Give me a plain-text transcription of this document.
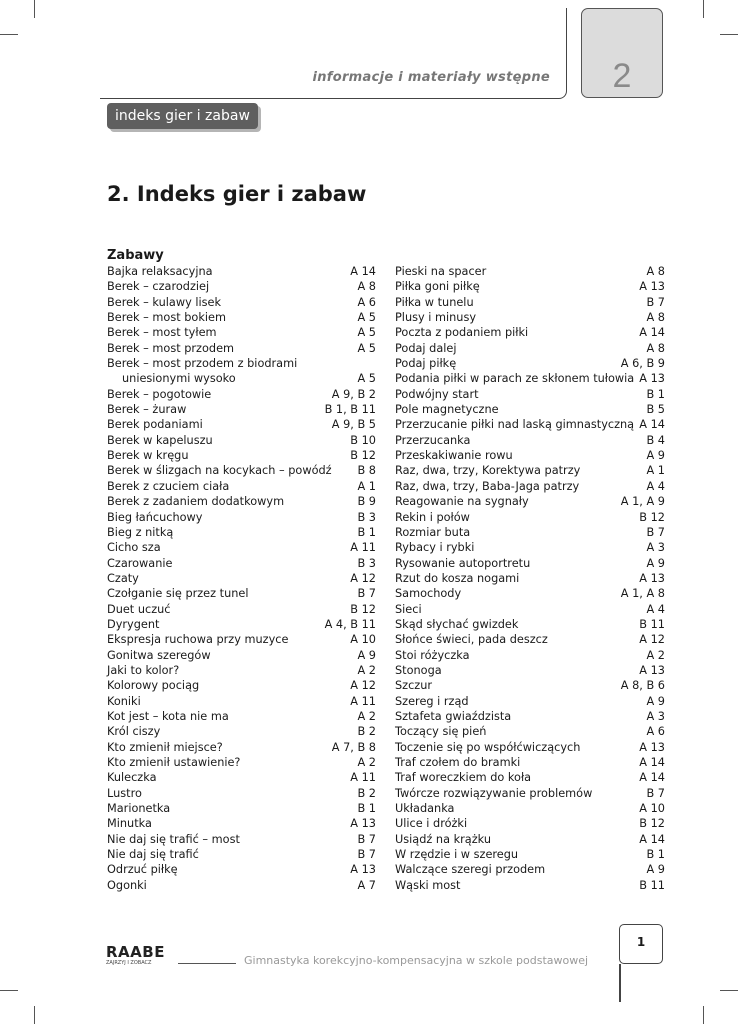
informacje i materiały wstępne	2
indeks gier i zabaw
2. Indeks gier i zabaw
Zabawy
Bajka relaksacyjna	A 14
Berek – czarodziej	A 8
Berek – kulawy lisek	A 6
Berek – most bokiem	A 5
Berek – most tyłem	A 5
Berek – most przodem	A 5
Berek – most przodem z biodrami
uniesionymi wysoko	A 5
Berek – pogotowie	A 9, B 2
Berek – żuraw	B 1, B 11
Berek podaniami	A 9, B 5
Berek w kapeluszu	B 10
Berek w kręgu	B 12
Berek w ślizgach na kocykach – powódź B 8
Berek z czuciem ciała	A 1
Berek z zadaniem dodatkowym	B 9
Bieg łańcuchowy	B 3
Bieg z nitką	B 1
Cicho sza	A 11
Czarowanie	B 3
Czaty	A 12
Czołganie się przez tunel	B 7
Duet uczuć	B 12
Dyrygent	A 4, B 11
Ekspresja ruchowa przy muzyce	A 10
Gonitwa szeregów	A 9
Jaki to kolor?	A 2
Kolorowy pociąg	A 12
Koniki	A 11
Kot jest – kota nie ma	A 2
Król ciszy	B 2
Kto zmienił miejsce?	A 7, B 8
Kto zmienił ustawienie?	A 2
Kuleczka	A 11
Lustro	B 2
Marionetka	B 1
Minutka	A 13
Nie daj się trafić – most	B 7
Nie daj się trafić	B 7
Odrzuć piłkę	A 13
Ogonki	A 7
Pieski na spacer	A 8
Piłka goni piłkę	A 13
Piłka w tunelu	B 7
Plusy i minusy	A 8
Poczta z podaniem piłki	A 14
Podaj dalej	A 8
Podaj piłkę	A 6, B 9
Podania piłki w parach ze skłonem tułowia A 13
Podwójny start	B 1
Pole magnetyczne	B 5
Przerzucanie piłki nad laską gimnastyczną A 14
Przerzucanka	B 4
Przeskakiwanie rowu	A 9
Raz, dwa, trzy, Korektywa patrzy	A 1
Raz, dwa, trzy, Baba-Jaga patrzy	A 4
Reagowanie na sygnały	A 1, A 9
Rekin i połów	B 12
Rozmiar buta	B 7
Rybacy i rybki	A 3
Rysowanie autoportretu	A 9
Rzut do kosza nogami	A 13
Samochody	A 1, A 8
Sieci	A 4
Skąd słychać gwizdek	B 11
Słońce świeci, pada deszcz	A 12
Stoi różyczka	A 2
Stonoga	A 13
Szczur	A 8, B 6
Szereg i rząd	A 9
Sztafeta gwiaździsta	A 3
Toczący się pień	A 6
Toczenie się po współćwiczących	A 13
Traf czołem do bramki	A 14
Traf woreczkiem do koła	A 14
Twórcze rozwiązywanie problemów	B 7
Układanka	A 10
Ulice i dróżki	B 12
Usiądź na krążku	A 14
W rzędzie i w szeregu	B 1
Walczące szeregi przodem	A 9
Wąski most	B 11
RAABE
ZAJRZYJ I ZOBACZ	Gimnastyka korekcyjno-kompensacyjna w szkole podstawowej
1
